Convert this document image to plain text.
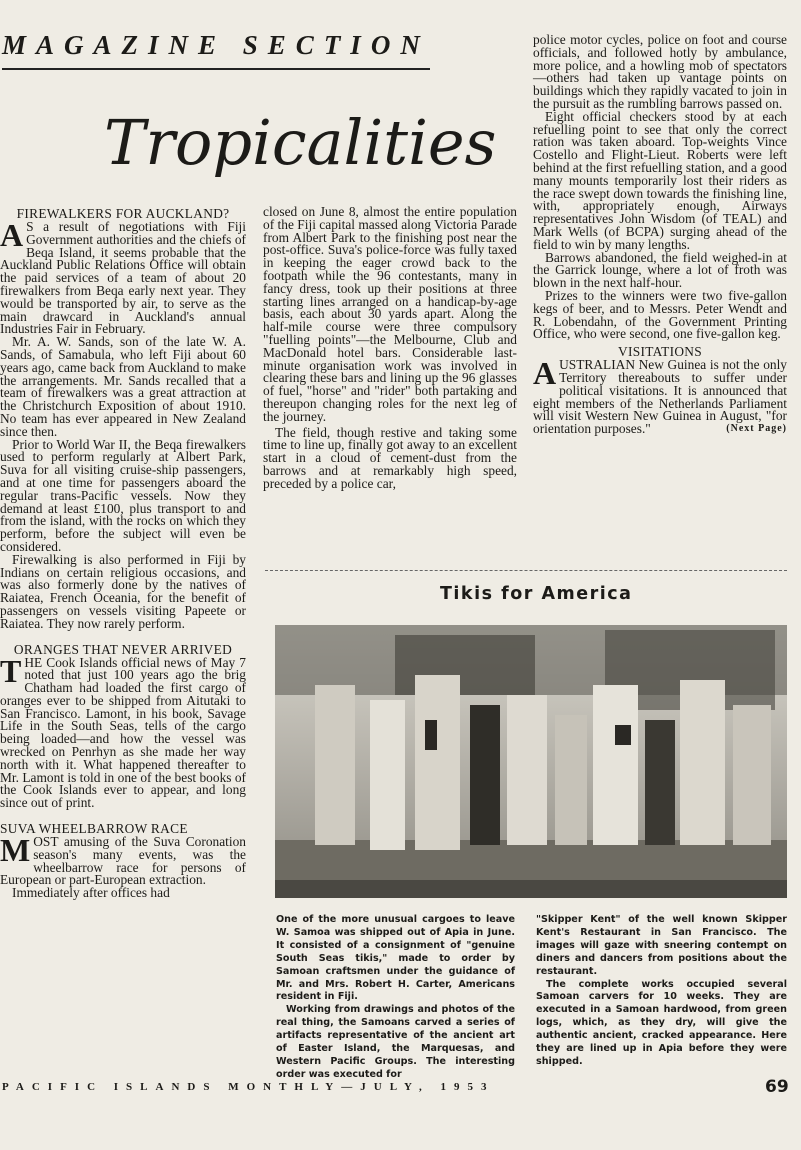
MAGAZINE SECTION
Tropicalities
FIREWALKERS FOR AUCKLAND?

A S a result of negotiations with Fiji Government authorities and the chiefs of Beqa Island, it seems probable that the Auckland Public Relations Office will obtain the paid services of a team of about 20 firewalkers from Beqa early next year. They would be transported by air, to serve as the main drawcard in Auckland's annual Industries Fair in February.

Mr. A. W. Sands, son of the late W. A. Sands, of Samabula, who left Fiji about 60 years ago, came back from Auckland to make the arrangements. Mr. Sands recalled that a team of firewalkers was a great attraction at the Christchurch Exposition of about 1910. No team has ever appeared in New Zealand since then.

Prior to World War II, the Beqa firewalkers used to perform regularly at Albert Park, Suva for all visiting cruise-ship passengers, and at one time for passengers aboard the regular trans-Pacific vessels. Now they demand at least £100, plus transport to and from the island, with the rocks on which they perform, before the subject will even be considered.

Firewalking is also performed in Fiji by Indians on certain religious occasions, and was also formerly done by the natives of Raiatea, French Oceania, for the benefit of passengers on vessels visiting Papeete or Raiatea. They now rarely perform.

ORANGES THAT NEVER ARRIVED

THE Cook Islands official news of May 7 noted that just 100 years ago the brig Chatham had loaded the first cargo of oranges ever to be shipped from Aitutaki to San Francisco. Lamont, in his book, Savage Life in the South Seas, tells of the cargo being loaded—and how the vessel was wrecked on Penrhyn as she made her way north with it. What happened thereafter to Mr. Lamont is told in one of the best books of the Cook Islands ever to appear, and long since out of print.

SUVA WHEELBARROW RACE

MOST amusing of the Suva Coronation season's many events, was the wheelbarrow race for persons of European or part-European extraction.

Immediately after offices had

closed on June 8, almost the entire population of the Fiji capital massed along Victoria Parade from Albert Park to the finishing post near the post-office. Suva's police-force was fully taxed in keeping the eager crowd back to the footpath while the 96 contestants, many in fancy dress, took up their positions at three starting lines arranged on a handicap-by-age basis, each about 30 yards apart. Along the half-mile course were three compulsory "fuelling points"—the Melbourne, Club and MacDonald hotel bars. Considerable last-minute organisation work was involved in clearing these bars and lining up the 96 glasses of fuel, "horse" and "rider" both partaking and thereupon changing roles for the next leg of the journey.

The field, though restive and taking some time to line up, finally got away to an excellent start in a cloud of cement-dust from the barrows and at remarkably high speed, preceded by a police car,

police motor cycles, police on foot and course officials, and followed hotly by ambulance, more police, and a howling mob of spectators—others had taken up vantage points on buildings which they rapidly vacated to join in the pursuit as the rumbling barrows passed on.

Eight official checkers stood by at each refuelling point to see that only the correct ration was taken aboard. Top-weights Vince Costello and Flight-Lieut. Roberts were left behind at the first refuelling station, and a good many mounts temporarily lost their riders as the race swept down towards the finishing line, with, appropriately enough, Airways representatives John Wisdom (of TEAL) and Mark Wells (of BCPA) surging ahead of the field to win by many lengths.

Barrows abandoned, the field weighed-in at the Garrick lounge, where a lot of froth was blown in the next half-hour.

Prizes to the winners were two five-gallon kegs of beer, and to Messrs. Peter Wendt and R. Lobendahn, of the Government Printing Office, who were second, one five-gallon keg.

VISITATIONS

AUSTRALIAN New Guinea is not the only Territory thereabouts to suffer under political visitations. It is announced that eight members of the Netherlands Parliament will visit Western New Guinea in August, "for orientation purposes."	(Next Page)

Tikis for America

One of the more unusual cargoes to leave W. Samoa was shipped out of Apia in June. It consisted of a consignment of "genuine South Seas tikis," made to order by Samoan craftsmen under the guidance of Mr. and Mrs. Robert H. Carter, Americans resident in Fiji.

Working from drawings and photos of the real thing, the Samoans carved a series of artifacts representative of the ancient art of Easter Island, the Marquesas, and Western Pacific Groups. The interesting order was executed for

"Skipper Kent" of the well known Skipper Kent's Restaurant in San Francisco. The images will gaze with sneering contempt on diners and dancers from positions about the restaurant.

The complete works occupied several Samoan carvers for 10 weeks. They are executed in a Samoan hardwood, from green logs, which, as they dry, will give the authentic ancient, cracked appearance. Here they are lined up in Apia before they were shipped.

PACIFIC ISLANDS MONTHLY—JULY, 1953	69
